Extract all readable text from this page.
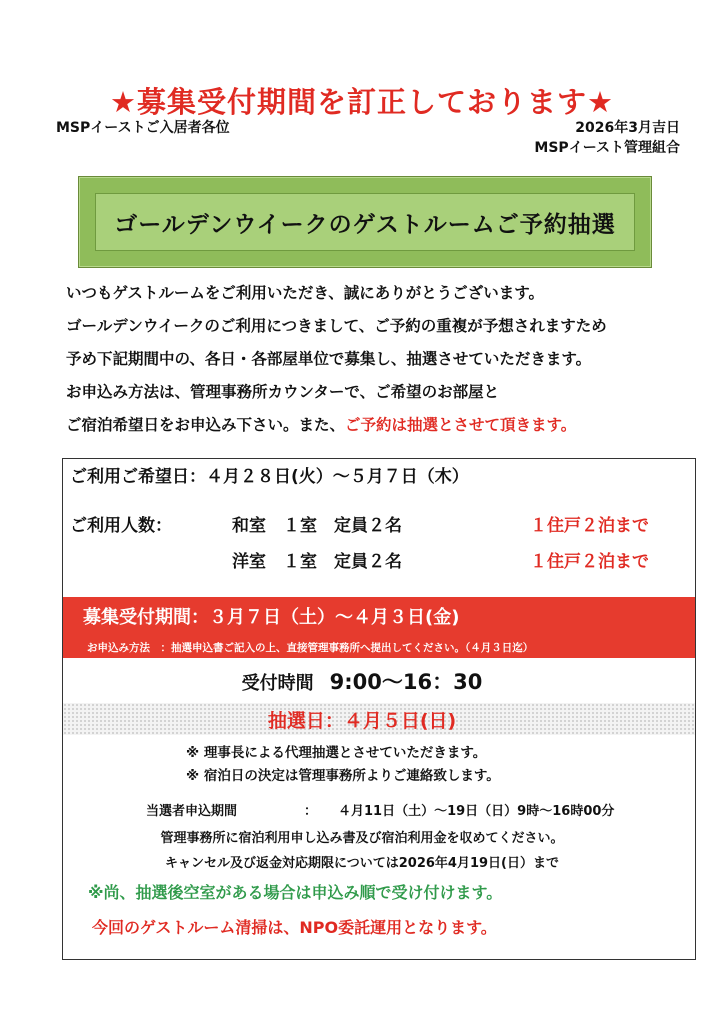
★募集受付期間を訂正しております★
MSPイーストご入居者各位	2026年3月吉日
MSPイースト管理組合
ゴールデンウイークのゲストルームご予約抽選

いつもゲストルームをご利用いただき、誠にありがとうございます。

ゴールデンウイークのご利用につきまして、ご予約の重複が予想されますため

予め下記期間中の、各日・各部屋単位で募集し、抽選させていただきます。

お申込み方法は、管理事務所カウンターで、ご希望のお部屋と

ご宿泊希望日をお申込み下さい。また、ご予約は抽選とさせて頂きます。

ご利用ご希望日：４月２８日(火）～５月７日（木）
ご利用人数：	和室　１室　定員２名	１住戸２泊まで
洋室　１室　定員２名	１住戸２泊まで
募集受付期間：３月７日（土）～４月３日(金)
お申込み方法　：抽選申込書ご記入の上、直接管理事務所へ提出してください。（４月３日迄）
受付時間 9:00～16：30
抽選日：４月５日(日)
※ 理事長による代理抽選とさせていただきます。
※ 宿泊日の決定は管理事務所よりご連絡致します。
当選者申込期間	： ４月11日（土）～19日（日）9時～16時00分
管理事務所に宿泊利用申し込み書及び宿泊利用金を収めてください。
キャンセル及び返金対応期限については2026年4月19日(日）まで
※尚、抽選後空室がある場合は申込み順で受け付けます。
今回のゲストルーム清掃は、NPO委託運用となります。
